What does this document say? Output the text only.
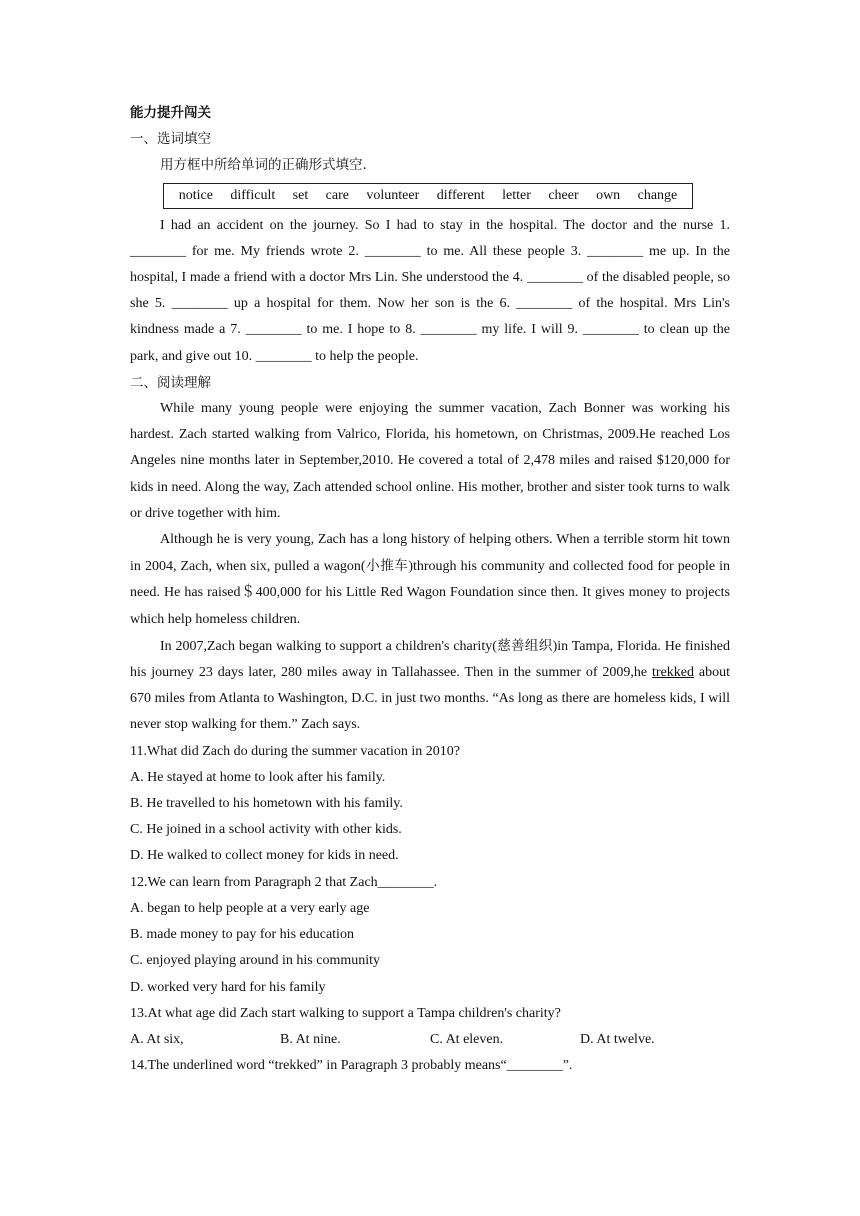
能力提升闯关

一、选词填空

用方框中所给单词的正确形式填空.

notice difficult set care volunteer different letter cheer own change

I had an accident on the journey. So I had to stay in the hospital. The doctor and the nurse 1. ________ for me. My friends wrote 2. ________ to me. All these people 3. ________ me up. In the hospital, I made a friend with a doctor Mrs Lin. She understood the 4. ________ of the disabled people, so she 5. ________ up a hospital for them. Now her son is the 6. ________ of the hospital. Mrs Lin's kindness made a 7. ________ to me. I hope to 8. ________ my life. I will 9. ________ to clean up the park, and give out 10. ________ to help the people.

二、阅读理解

While many young people were enjoying the summer vacation, Zach Bonner was working his hardest. Zach started walking from Valrico, Florida, his hometown, on Christmas, 2009.He reached Los Angeles nine months later in September,2010. He covered a total of 2,478 miles and raised $120,000 for kids in need. Along the way, Zach attended school online. His mother, brother and sister took turns to walk or drive together with him.

Although he is very young, Zach has a long history of helping others. When a terrible storm hit town in 2004, Zach, when six, pulled a wagon(小推车)through his community and collected food for people in need. He has raised＄400,000 for his Little Red Wagon Foundation since then. It gives money to projects which help homeless children.

In 2007,Zach began walking to support a children's charity(慈善组织)in Tampa, Florida. He finished his journey 23 days later, 280 miles away in Tallahassee. Then in the summer of 2009,he trekked about 670 miles from Atlanta to Washington, D.C. in just two months. “As long as there are homeless kids, I will never stop walking for them.” Zach says.

11.What did Zach do during the summer vacation in 2010?

A. He stayed at home to look after his family.

B. He travelled to his hometown with his family.

C. He joined in a school activity with other kids.

D. He walked to collect money for kids in need.

12.We can learn from Paragraph 2 that Zach________.

A. began to help people at a very early age

B. made money to pay for his education

C. enjoyed playing around in his community

D. worked very hard for his family

13.At what age did Zach start walking to support a Tampa children's charity?

A. At six,	B. At nine.	C. At eleven.	D. At twelve.

14.The underlined word “trekked” in Paragraph 3 probably means“________”.
